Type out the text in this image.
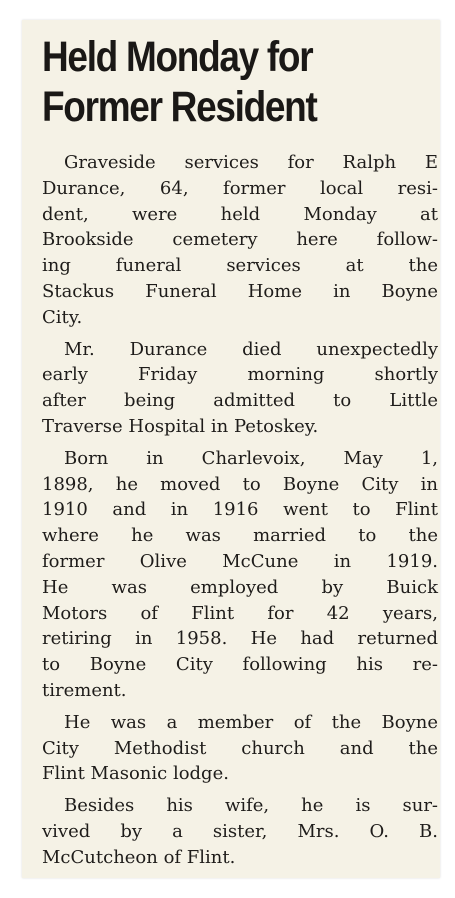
Held Monday for
Former Resident

Graveside services for Ralph E
Durance, 64, former local resi-
dent, were held Monday at
Brookside cemetery here follow-
ing funeral services at the
Stackus Funeral Home in Boyne
City.

Mr. Durance died unexpectedly
early Friday morning shortly
after being admitted to Little
Traverse Hospital in Petoskey.

Born in Charlevoix, May 1,
1898, he moved to Boyne City in
1910 and in 1916 went to Flint
where he was married to the
former Olive McCune in 1919.
He was employed by Buick
Motors of Flint for 42 years,
retiring in 1958. He had returned
to Boyne City following his re-
tirement.

He was a member of the Boyne
City Methodist church and the
Flint Masonic lodge.

Besides his wife, he is sur-
vived by a sister, Mrs. O. B.
McCutcheon of Flint.
